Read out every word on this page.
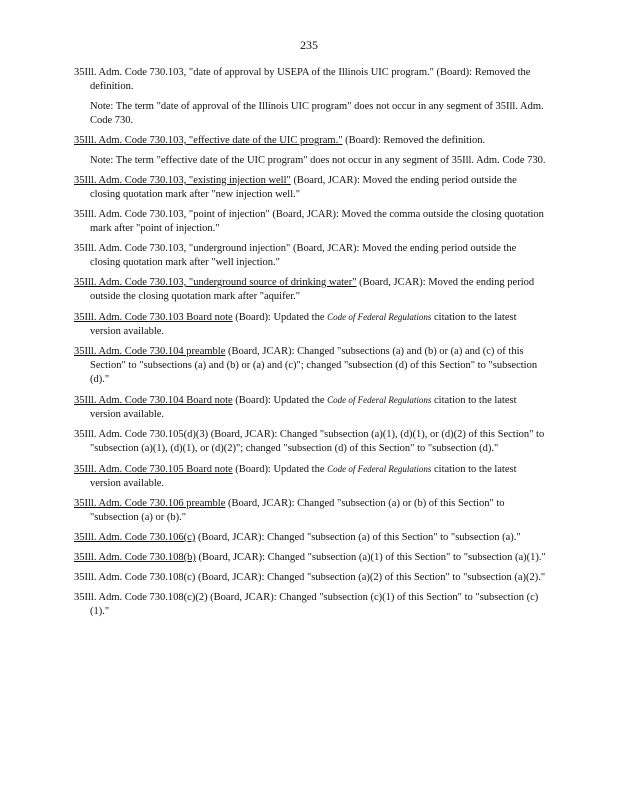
235
35Ill. Adm. Code 730.103, "date of approval by USEPA of the Illinois UIC program." (Board): Removed the definition.
Note: The term "date of approval of the Illinois UIC program" does not occur in any segment of 35Ill. Adm. Code 730.
35Ill. Adm. Code 730.103, "effective date of the UIC program." (Board): Removed the definition.
Note: The term "effective date of the UIC program" does not occur in any segment of 35Ill. Adm. Code 730.
35Ill. Adm. Code 730.103, "existing injection well" (Board, JCAR): Moved the ending period outside the closing quotation mark after "new injection well."
35Ill. Adm. Code 730.103, "point of injection" (Board, JCAR): Moved the comma outside the closing quotation mark after "point of injection."
35Ill. Adm. Code 730.103, "underground injection" (Board, JCAR): Moved the ending period outside the closing quotation mark after "well injection."
35Ill. Adm. Code 730.103, "underground source of drinking water" (Board, JCAR): Moved the ending period outside the closing quotation mark after "aquifer."
35Ill. Adm. Code 730.103 Board note (Board): Updated the Code of Federal Regulations citation to the latest version available.
35Ill. Adm. Code 730.104 preamble (Board, JCAR): Changed "subsections (a) and (b) or (a) and (c) of this Section" to "subsections (a) and (b) or (a) and (c)"; changed "subsection (d) of this Section" to "subsection (d)."
35Ill. Adm. Code 730.104 Board note (Board): Updated the Code of Federal Regulations citation to the latest version available.
35Ill. Adm. Code 730.105(d)(3) (Board, JCAR): Changed "subsection (a)(1), (d)(1), or (d)(2) of this Section" to "subsection (a)(1), (d)(1), or (d)(2)"; changed "subsection (d) of this Section" to "subsection (d)."
35Ill. Adm. Code 730.105 Board note (Board): Updated the Code of Federal Regulations citation to the latest version available.
35Ill. Adm. Code 730.106 preamble (Board, JCAR): Changed "subsection (a) or (b) of this Section" to "subsection (a) or (b)."
35Ill. Adm. Code 730.106(c) (Board, JCAR): Changed "subsection (a) of this Section" to "subsection (a)."
35Ill. Adm. Code 730.108(b) (Board, JCAR): Changed "subsection (a)(1) of this Section" to "subsection (a)(1)."
35Ill. Adm. Code 730.108(c) (Board, JCAR): Changed "subsection (a)(2) of this Section" to "subsection (a)(2)."
35Ill. Adm. Code 730.108(c)(2) (Board, JCAR): Changed "subsection (c)(1) of this Section" to "subsection (c)(1)."
